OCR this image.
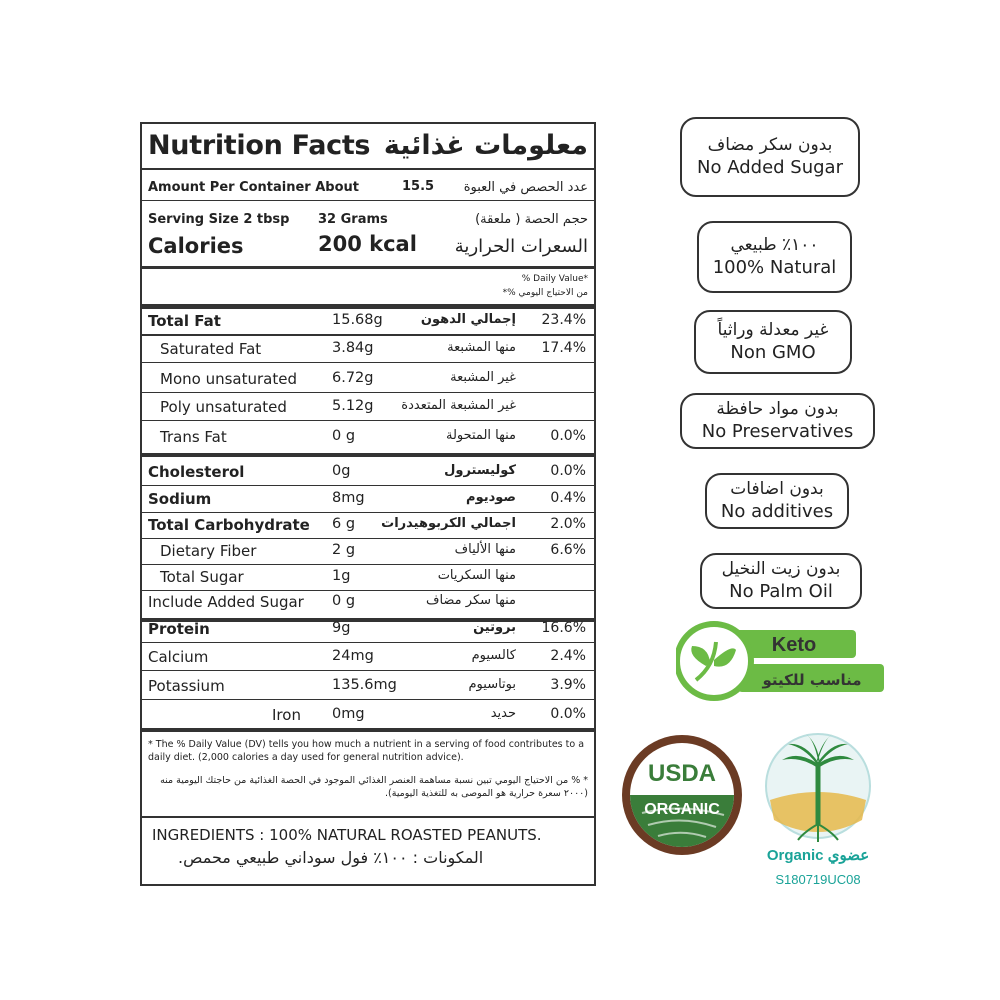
Nutrition Facts معلومات غذائية
Amount Per Container About	15.5 عدد الحصص في العبوة
Serving Size 2 tbsp 32 Grams	حجم الحصة ( ملعقة)
Calories	200 kcal السعرات الحرارية
% Daily Value*
من الاحتياج اليومي %*
Total Fat	15.68g	إجمالي الدهون 23.4%
Saturated Fat	3.84g	منها المشبعة 17.4%
Mono unsaturated 6.72g	غير المشبعة
Poly unsaturated	5.12g غير المشبعة المتعددة
Trans Fat	0 g	منها المتحولة 0.0%
Cholesterol	0g	كوليسترول 0.0%
Sodium	8mg	صوديوم 0.4%
Total Carbohydrate 6 g اجمالي الكربوهيدرات 2.0%
Dietary Fiber	2 g	منها الألياف 6.6%
Total Sugar	1g	منها السكريات
Include Added Sugar 0 g	منها سكر مضاف
Protein	9g	بروتين 16.6%
Calcium	24mg	كالسيوم 2.4%
Potassium	135.6mg	بوتاسيوم 3.9%
Iron 0mg	حديد 0.0%
* The % Daily Value (DV) tells you how much a nutrient in a serving of food contributes to a daily diet. (2,000 calories a day used for general nutrition advice).
* % من الاحتياج اليومي تبين نسبة مساهمة العنصر الغذائي الموجود في الحصة الغذائية من حاجتك اليومية منه (٢٠٠٠ سعرة حرارية هو الموصى به للتغذية اليومية).
INGREDIENTS : 100% NATURAL ROASTED PEANUTS.
المكونات : ١٠٠٪ فول سوداني طبيعي محمص.
بدون سكر مضاف
No Added Sugar
١٠٠٪ طبيعي
100% Natural
غير معدلة وراثياً
Non GMO
بدون مواد حافظة
No Preservatives
بدون اضافات
No additives
بدون زيت النخيل
No Palm Oil
Keto
مناسب للكيتو
USDA
ORGANIC
Organic عضوي
S180719UC08
